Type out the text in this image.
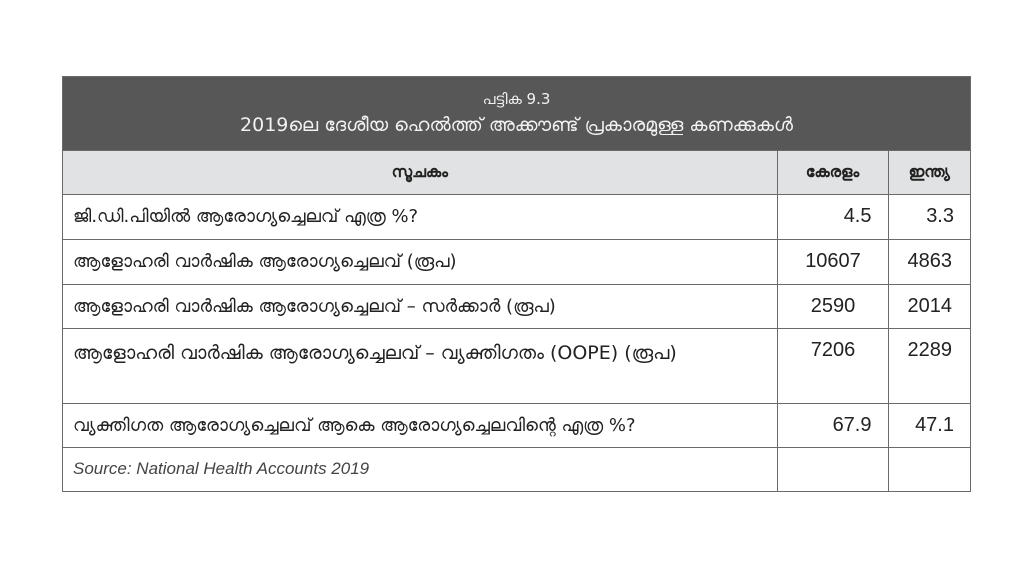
പട്ടിക 9.3
2019ലെ ദേശീയ ഹെൽത്ത് അക്കൗണ്ട് പ്രകാരമുള്ള കണക്കുകൾ
സൂചകം	കേരളം	ഇന്ത്യ
ജി.ഡി.പിയിൽ ആരോഗ്യച്ചെലവ് എത്ര %?	4.5	3.3
ആളോഹരി വാർഷിക ആരോഗ്യച്ചെലവ് (രൂപ)	10607	4863
ആളോഹരി വാർഷിക ആരോഗ്യച്ചെലവ് – സർക്കാർ (രൂപ)	2590	2014
ആളോഹരി വാർഷിക ആരോഗ്യച്ചെലവ് – വ്യക്തിഗതം (OOPE) (രൂപ)	7206	2289
വ്യക്തിഗത ആരോഗ്യച്ചെലവ് ആകെ ആരോഗ്യച്ചെലവിന്റെ എത്ര %?	67.9	47.1
Source: National Health Accounts 2019		
